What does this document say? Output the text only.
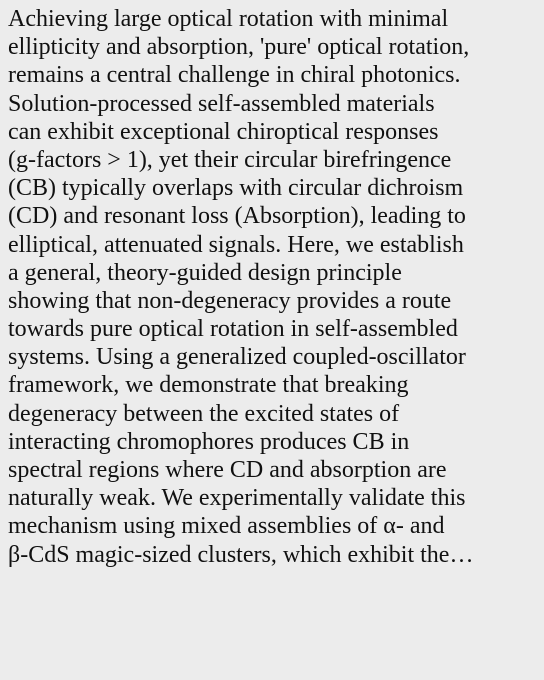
Achieving large optical rotation with minimal
ellipticity and absorption, 'pure' optical rotation,
remains a central challenge in chiral photonics.
Solution-processed self-assembled materials
can exhibit exceptional chiroptical responses
(g-factors > 1), yet their circular birefringence
(CB) typically overlaps with circular dichroism
(CD) and resonant loss (Absorption), leading to
elliptical, attenuated signals. Here, we establish
a general, theory-guided design principle
showing that non-degeneracy provides a route
towards pure optical rotation in self-assembled
systems. Using a generalized coupled-oscillator
framework, we demonstrate that breaking
degeneracy between the excited states of
interacting chromophores produces CB in
spectral regions where CD and absorption are
naturally weak. We experimentally validate this
mechanism using mixed assemblies of α- and
β-CdS magic-sized clusters, which exhibit the…
